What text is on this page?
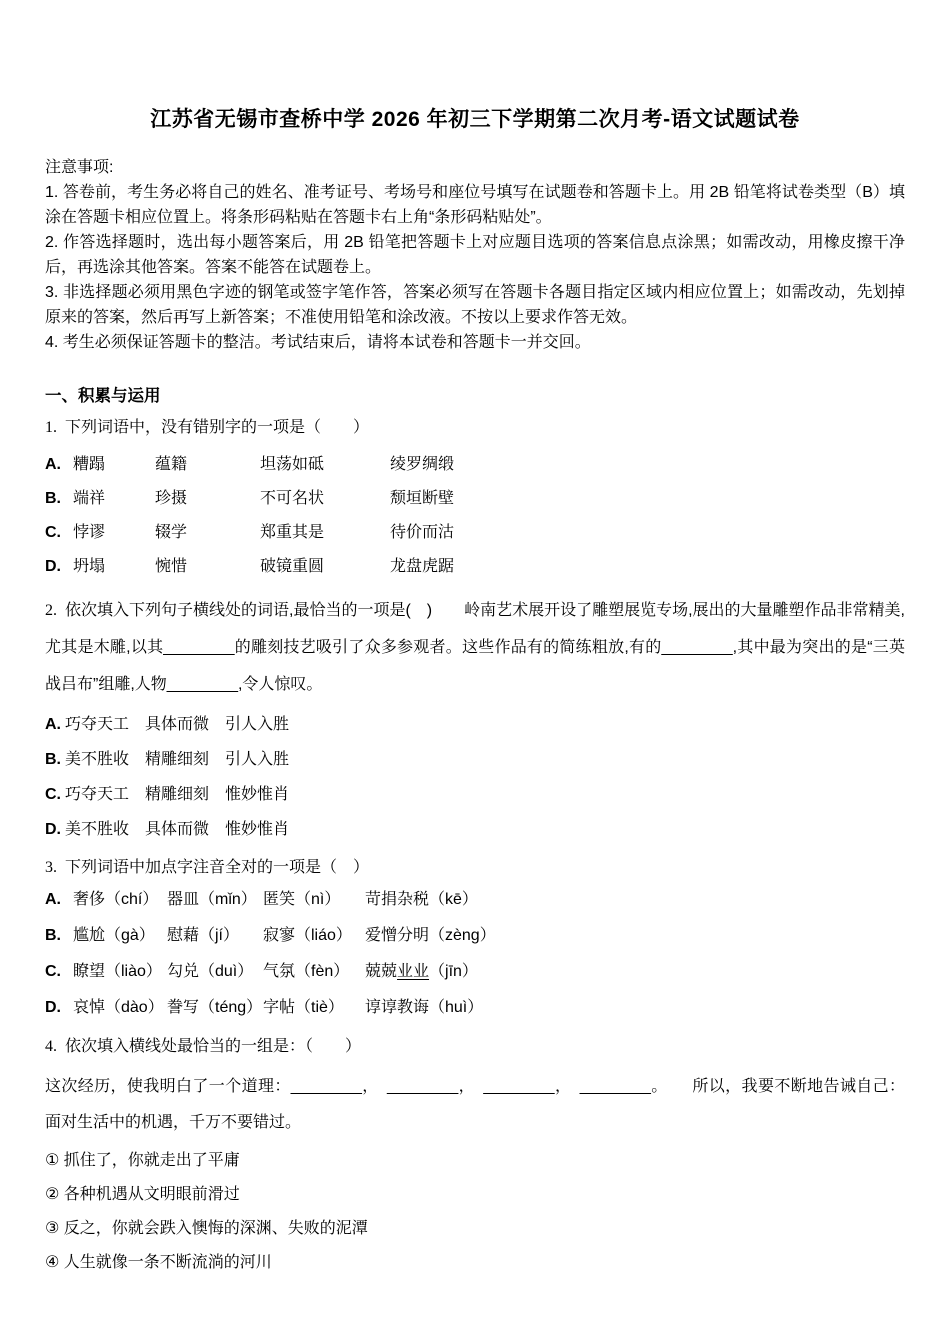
江苏省无锡市查桥中学 2026 年初三下学期第二次月考-语文试题试卷

注意事项:

1. 答卷前，考生务必将自己的姓名、准考证号、考场号和座位号填写在试题卷和答题卡上。用 2B 铅笔将试卷类型（B）填涂在答题卡相应位置上。将条形码粘贴在答题卡右上角“条形码粘贴处”。

2. 作答选择题时，选出每小题答案后，用 2B 铅笔把答题卡上对应题目选项的答案信息点涂黑；如需改动，用橡皮擦干净后，再选涂其他答案。答案不能答在试题卷上。

3. 非选择题必须用黑色字迹的钢笔或签字笔作答，答案必须写在答题卡各题目指定区域内相应位置上；如需改动，先划掉原来的答案，然后再写上新答案；不准使用铅笔和涂改液。不按以上要求作答无效。

4. 考生必须保证答题卡的整洁。考试结束后，请将本试卷和答题卡一并交回。

一、积累与运用

1. 下列词语中，没有错别字的一项是（　　）

A. 糟蹋	蕴籍	坦荡如砥	绫罗绸缎
B. 端祥	珍摄	不可名状	颓垣断壁
C. 悖谬	辍学	郑重其是	待价而沽
D. 坍塌	惋惜	破镜重圆	龙盘虎踞

2. 依次填入下列句子横线处的词语,最恰当的一项是(　)　　岭南艺术展开设了雕塑展览专场,展出的大量雕塑作品非常精美,尤其是木雕,以其________的雕刻技艺吸引了众多参观者。这些作品有的简练粗放,有的________,其中最为突出的是“三英战吕布”组雕,人物________,令人惊叹。

A. 巧夺天工　具体而微　引人入胜
B. 美不胜收　精雕细刻　引人入胜
C. 巧夺天工　精雕细刻　惟妙惟肖
D. 美不胜收　具体而微　惟妙惟肖

3. 下列词语中加点字注音全对的一项是（　）

A. 奢侈（chí） 器皿（mǐn） 匿笑（nì）	苛捐杂税（kē）
B. 尴尬（gà） 慰藉（jí）	寂寥（liáo） 爱憎分明（zèng）
C. 瞭望（liào） 勾兑（duì） 气氛（fèn） 兢兢业业（jīn）
D. 哀悼（dào） 誊写（téng） 字帖（tiè）	谆谆教诲（huì）

4. 依次填入横线处最恰当的一组是：（　　）

这次经历，使我明白了一个道理：________，　________，　________，　________。　　所以，我要不断地告诫自己：面对生活中的机遇，千万不要错过。

① 抓住了，你就走出了平庸
② 各种机遇从文明眼前滑过
③ 反之，你就会跌入懊悔的深渊、失败的泥潭
④ 人生就像一条不断流淌的河川
